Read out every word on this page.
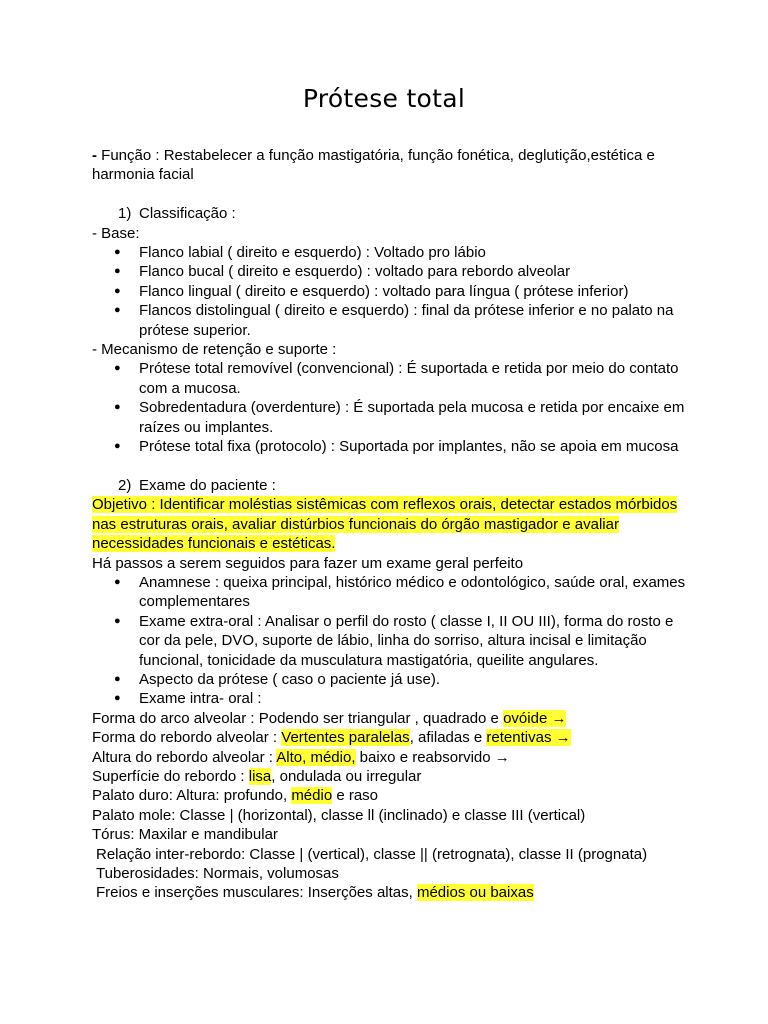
Prótese total

- Função : Restabelecer a função mastigatória, função fonética, deglutição,estética e harmonia facial

1) Classificação :

- Base:

● Flanco labial ( direito e esquerdo) : Voltado pro lábio
● Flanco bucal ( direito e esquerdo) : voltado para rebordo alveolar
● Flanco lingual ( direito e esquerdo) : voltado para língua ( prótese inferior)
● Flancos distolingual ( direito e esquerdo) : final da prótese inferior e no palato na prótese superior.

- Mecanismo de retenção e suporte :

● Prótese total removível (convencional) : É suportada e retida por meio do contato com a mucosa.
● Sobredentadura (overdenture) : É suportada pela mucosa e retida por encaixe em raízes ou implantes.
● Prótese total fixa (protocolo) : Suportada por implantes, não se apoia em mucosa

2) Exame do paciente :

Objetivo : Identificar moléstias sistêmicas com reflexos orais, detectar estados mórbidos nas estruturas orais, avaliar distúrbios funcionais do órgão mastigador e avaliar necessidades funcionais e estéticas.

Há passos a serem seguidos para fazer um exame geral perfeito

● Anamnese : queixa principal, histórico médico e odontológico, saúde oral, exames complementares
● Exame extra-oral : Analisar o perfil do rosto ( classe I, II OU III), forma do rosto e cor da pele, DVO, suporte de lábio, linha do sorriso, altura incisal e limitação funcional, tonicidade da musculatura mastigatória, queilite angulares.
● Aspecto da prótese ( caso o paciente já use).
● Exame intra- oral :

Forma do arco alveolar : Podendo ser triangular , quadrado e ovóide →

Forma do rebordo alveolar : Vertentes paralelas, afiladas e retentivas →

Altura do rebordo alveolar : Alto, médio, baixo e reabsorvido →

Superfície do rebordo : lisa, ondulada ou irregular

Palato duro: Altura: profundo, médio e raso

Palato mole: Classe | (horizontal), classe ll (inclinado) e classe III (vertical)

Tórus: Maxilar e mandibular

Relação inter-rebordo: Classe | (vertical), classe || (retrognata), classe II (prognata)

Tuberosidades: Normais, volumosas

Freios e inserções musculares: Inserções altas, médios ou baixas
